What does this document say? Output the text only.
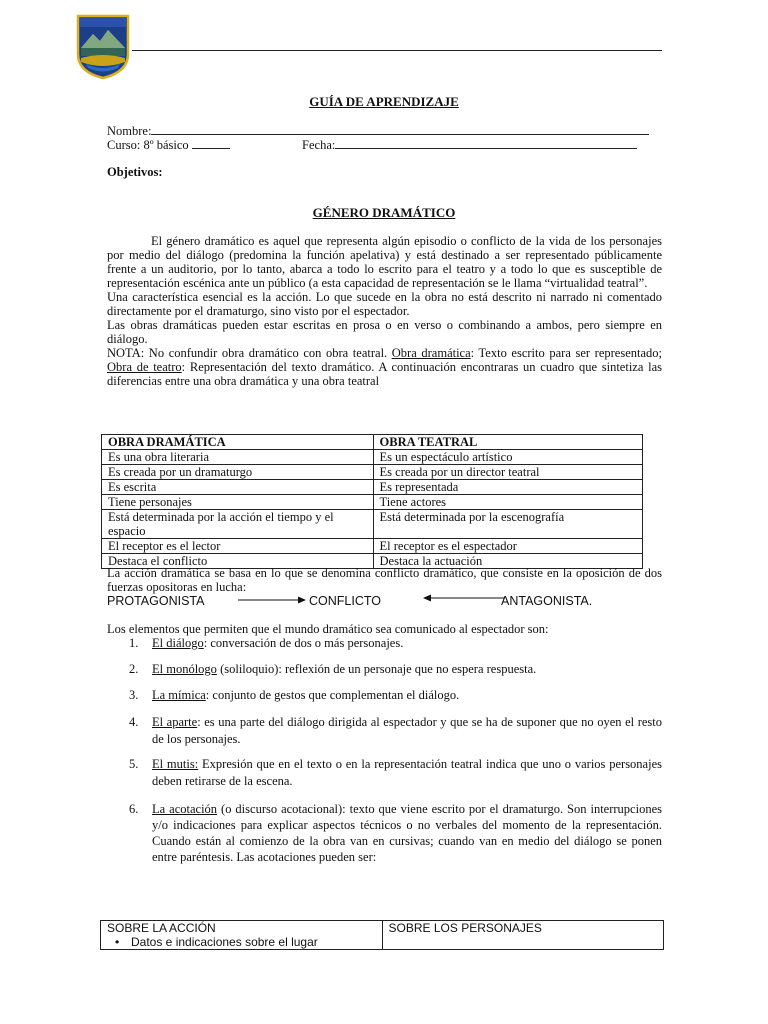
GUÍA DE APRENDIZAJE
Nombre:
Curso: 8º básico	Fecha:
Objetivos:
GÉNERO DRAMÁTICO

El género dramático es aquel que representa algún episodio o conflicto de la vida de los personajes por medio del diálogo (predomina la función apelativa) y está destinado a ser representado públicamente frente a un auditorio, por lo tanto, abarca a todo lo escrito para el teatro y a todo lo que es susceptible de representación escénica ante un público (a esta capacidad de representación se le llama “virtualidad teatral”.

Una característica esencial es la acción. Lo que sucede en la obra no está descrito ni narrado ni comentado directamente por el dramaturgo, sino visto por el espectador.

Las obras dramáticas pueden estar escritas en prosa o en verso o combinando a ambos, pero siempre en diálogo.

NOTA: No confundir obra dramático con obra teatral. Obra dramática: Texto escrito para ser representado; Obra de teatro: Representación del texto dramático. A continuación encontraras un cuadro que sintetiza las diferencias entre una obra dramática y una obra teatral

OBRA DRAMÁTICA	OBRA TEATRAL
Es una obra literaria	Es un espectáculo artístico
Es creada por un dramaturgo	Es creada por un director teatral
Es escrita	Es representada
Tiene personajes	Tiene actores
Está determinada por la acción el tiempo y el espacio	Está determinada por la escenografía
El receptor es el lector	El receptor es el espectador
Destaca el conflicto	Destaca la actuación
La acción dramática se basa en lo que se denomina conflicto dramático, que consiste en la oposición de dos fuerzas opositoras en lucha:
PROTAGONISTA	CONFLICTO	ANTAGONISTA.
Los elementos que permiten que el mundo dramático sea comunicado al espectador son:
1. El diálogo: conversación de dos o más personajes.
2. El monólogo (soliloquio): reflexión de un personaje que no espera respuesta.
3. La mímica: conjunto de gestos que complementan el diálogo.
4. El aparte: es una parte del diálogo dirigida al espectador y que se ha de suponer que no oyen el resto de los personajes.
5. El mutis: Expresión que en el texto o en la representación teatral indica que uno o varios personajes deben retirarse de la escena.
6. La acotación (o discurso acotacional): texto que viene escrito por el dramaturgo. Son interrupciones y/o indicaciones para explicar aspectos técnicos o no verbales del momento de la representación. Cuando están al comienzo de la obra van en cursivas; cuando van en medio del diálogo se ponen entre paréntesis. Las acotaciones pueden ser:
SOBRE LA ACCIÓN	SOBRE LOS PERSONAJES

• Datos e indicaciones sobre el lugar
